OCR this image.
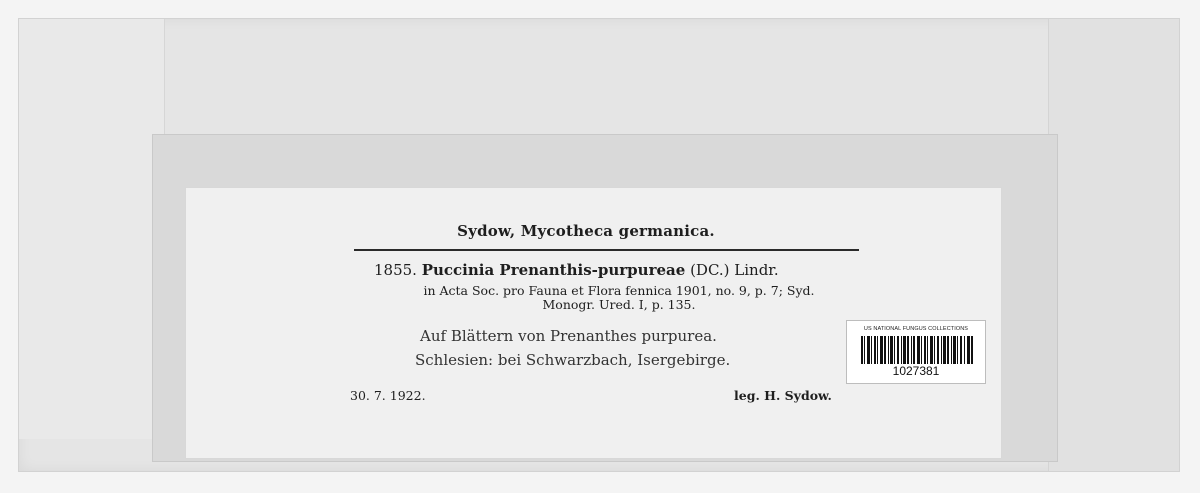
Sydow, Mycotheca germanica.
1855. Puccinia Prenanthis-purpureae (DC.) Lindr.
in Acta Soc. pro Fauna et Flora fennica 1901, no. 9, p. 7; Syd.
Monogr. Ured. I, p. 135.
Auf Blättern von Prenanthes purpurea.
Schlesien: bei Schwarzbach, Isergebirge.
30. 7. 1922.	leg. H. Sydow.
US NATIONAL FUNGUS COLLECTIONS
1027381
